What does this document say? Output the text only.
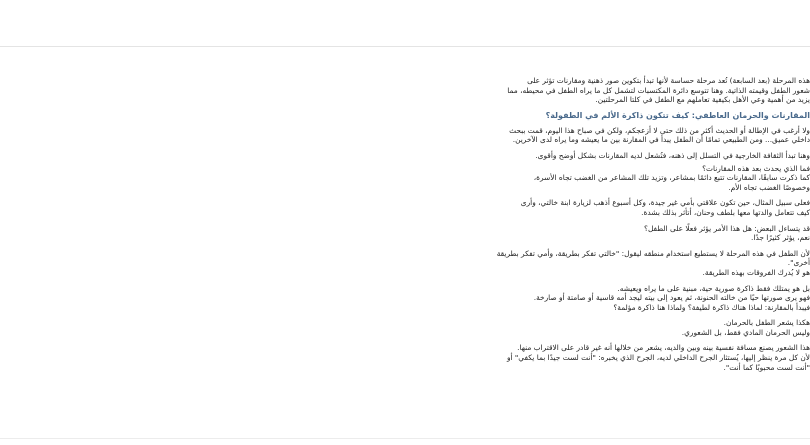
هذه المرحلة (بعد السابعة) تُعد مرحلة حساسة لأنها تبدأ بتكوين صور ذهنية ومقارنات تؤثر على
شعور الطفل وقيمته الذاتية. وهنا تتوسع دائرة المكتسبات لتشمل كل ما يراه الطفل في محيطه، مما
يزيد من أهمية وعي الأهل بكيفية تعاملهم مع الطفل في كلتا المرحلتين.

المقارنات والحرمان العاطفي: كيف تتكون ذاكرة الألم في الطفولة؟

ولا أرغب في الإطالة أو الحديث أكثر من ذلك حتى لا أزعجكم، ولكن في صباح هذا اليوم، قمت ببحث
داخلي عميق... ومن الطبيعي تمامًا أن الطفل يبدأ في المقارنة بين ما يعيشه وما يراه لدى الآخرين.

وهنا تبدأ الثقافة الخارجية في التسلل إلى ذهنه، فتُشعل لديه المقارنات بشكل أوضح وأقوى.

فما الذي يحدث بعد هذه المقارنات؟
كما ذكرت سابقًا، المقارنات تتبع دائمًا بمشاعر، وتزيد تلك المشاعر من الغضب تجاه الأسرة،
وخصوصًا الغضب تجاه الأم.

فعلى سبيل المثال، حين تكون علاقتي بأمي غير جيدة، وكل أسبوع أذهب لزيارة ابنة خالتي، وأرى
كيف تتعامل والدتها معها بلطف وحنان، أتأثر بذلك بشدة.

قد يتساءل البعض: هل هذا الأمر يؤثر فعلًا على الطفل؟
نعم، يؤثر كثيرًا جدًا.

لأن الطفل في هذه المرحلة لا يستطيع استخدام منطقه ليقول: "خالتي تفكر بطريقة، وأمي تفكر بطريقة
أخرى".
هو لا يُدرك الفروقات بهذه الطريقة.

بل هو يمتلك فقط ذاكرة صورية حية، مبنية على ما يراه ويعيشه.
فهو يرى صورتها حيًا من خالته الحنونة، ثم يعود إلى بيته ليجد أمه قاسية أو صامتة أو صارخة.
فيبدأ بالمقارنة: لماذا هناك ذاكرة لطيفة؟ ولماذا هنا ذاكرة مؤلمة؟

هكذا يشعر الطفل بالحرمان.
وليس الحرمان المادي فقط، بل الشعوري.

هذا الشعور يصنع مسافة نفسية بينه وبين والديه، يشعر من خلالها أنه غير قادر على الاقتراب منها.
لأن كل مرة ينظر إليها، يُستثار الجرح الداخلي لديه، الجرح الذي يخبره: "أنت لست جيدًا بما يكفي" أو
"أنت لست محبوبًا كما أنت".
